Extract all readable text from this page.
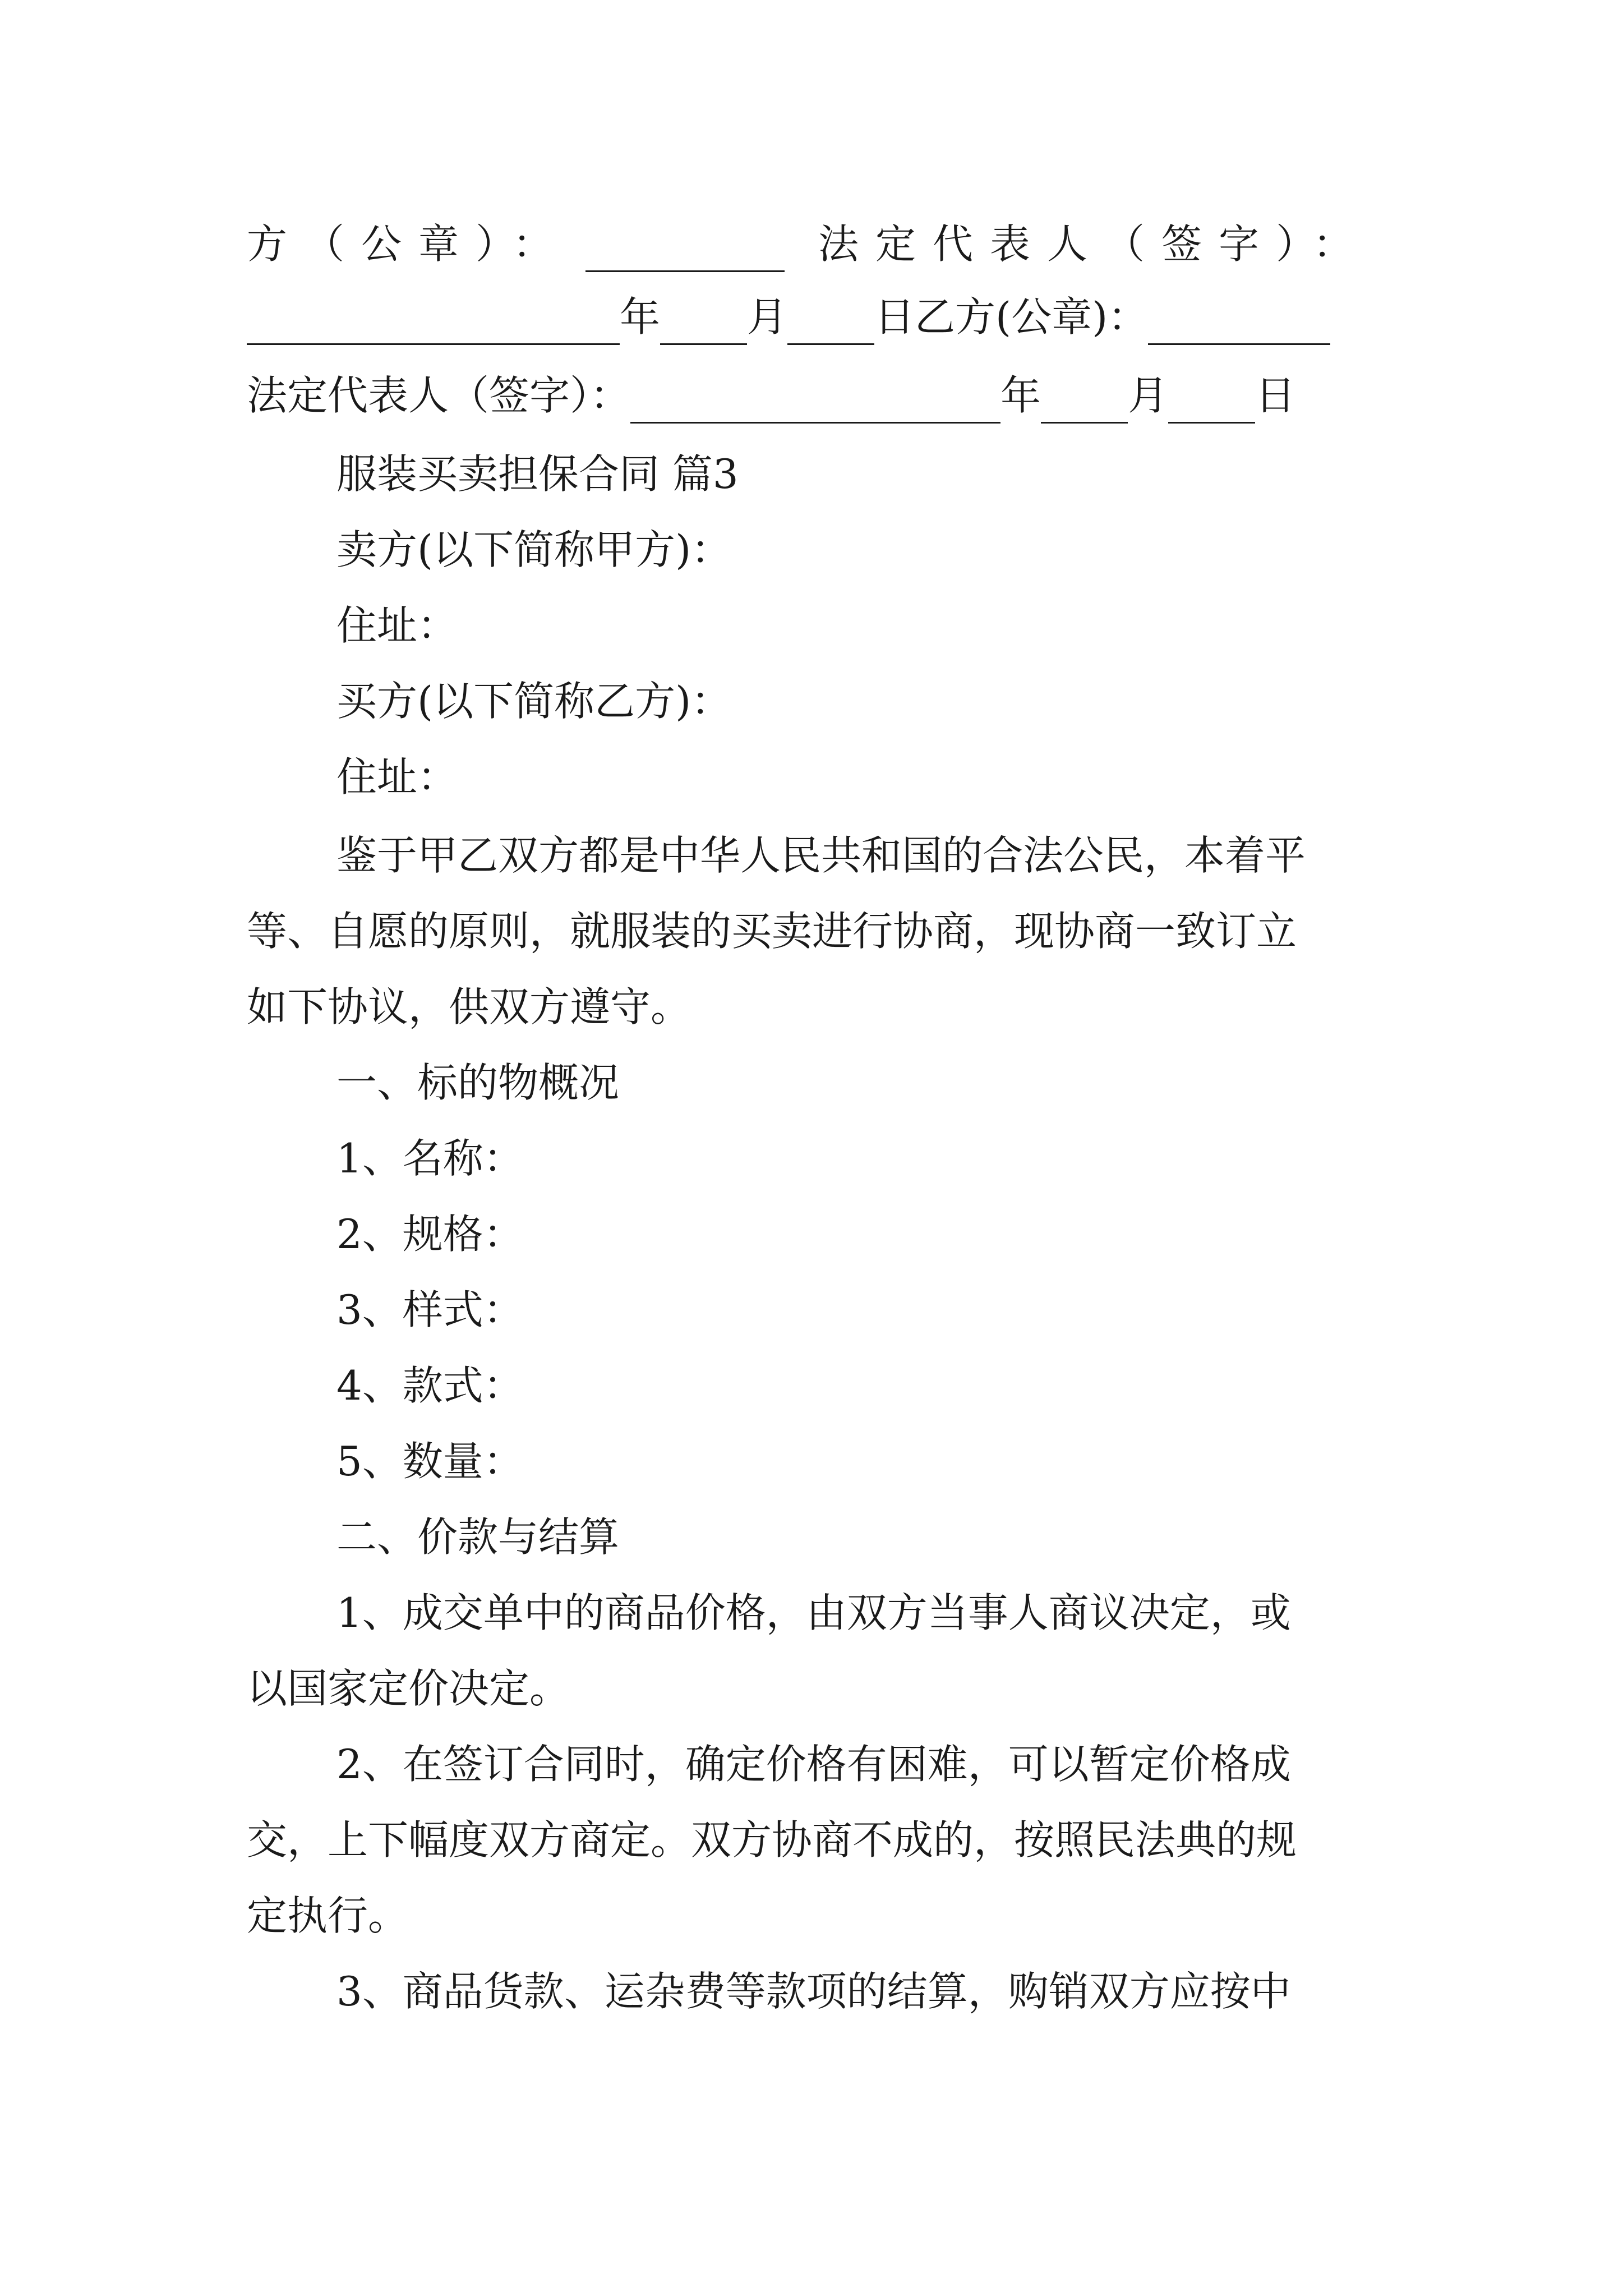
方（公章）：	法定代表人（签字）：
年 月 日乙方(公章)：
法定代表人（签字）：	年 月 日
服装买卖担保合同 篇3
卖方(以下简称甲方)：
住址：
买方(以下简称乙方)：
住址：
鉴于甲乙双方都是中华人民共和国的合法公民，本着平
等、自愿的原则，就服装的买卖进行协商，现协商一致订立
如下协议，供双方遵守。
一、标的物概况
1、名称：
2、规格：
3、样式：
4、款式：
5、数量：
二、价款与结算
1、成交单中的商品价格，由双方当事人商议决定，或
以国家定价决定。
2、在签订合同时，确定价格有困难，可以暂定价格成
交，上下幅度双方商定。双方协商不成的，按照民法典的规
定执行。
3、商品货款、运杂费等款项的结算，购销双方应按中
